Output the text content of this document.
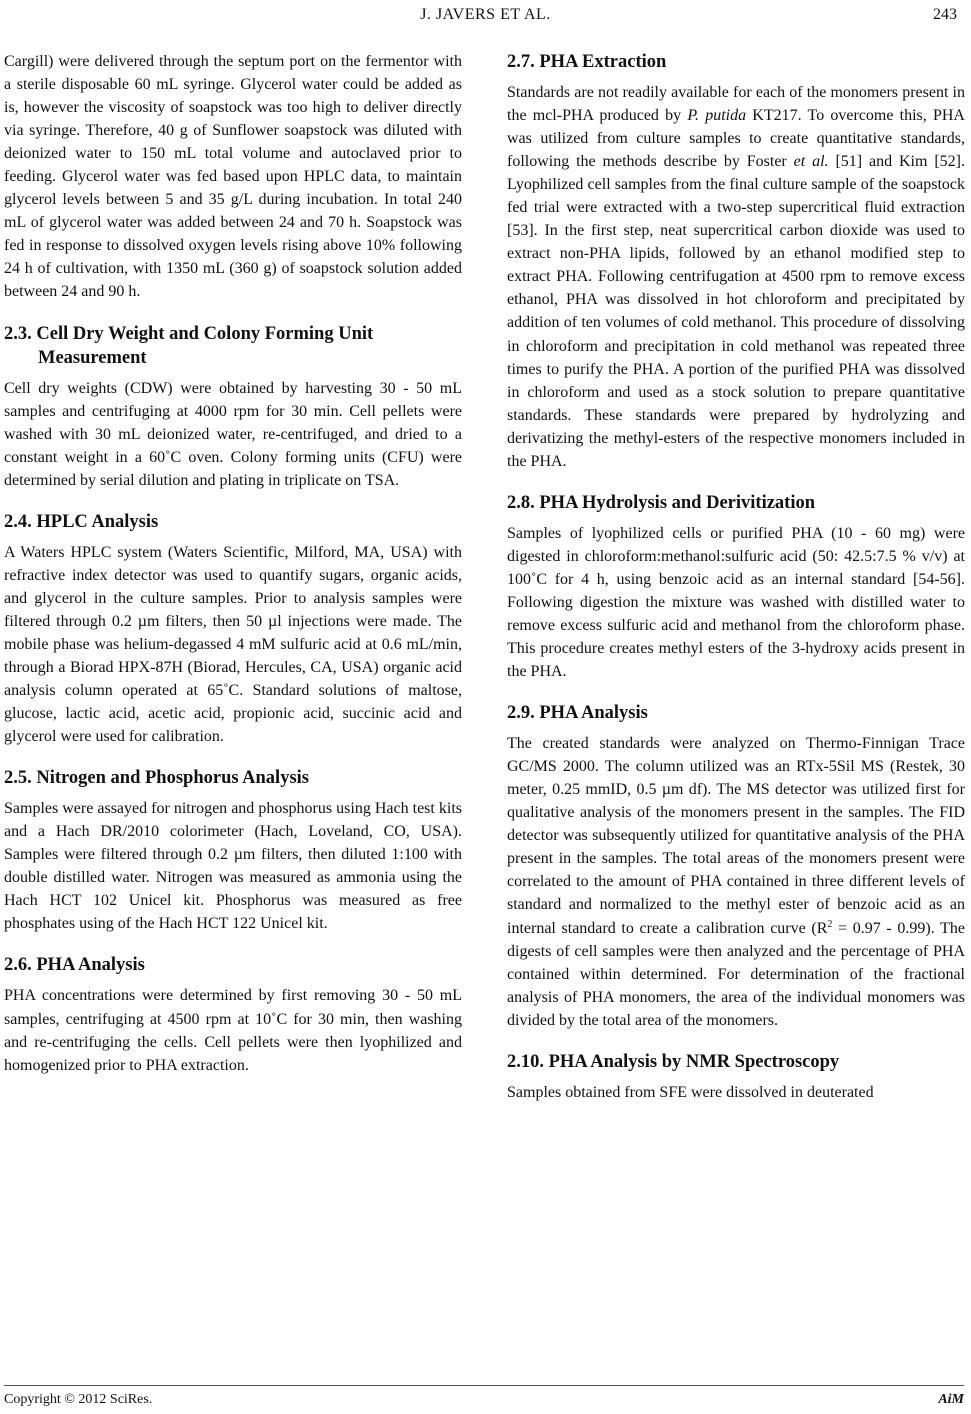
J. JAVERS ET AL.	243

Cargill) were delivered through the septum port on the fermentor with a sterile disposable 60 mL syringe. Glycerol water could be added as is, however the viscosity of soapstock was too high to deliver directly via syringe. Therefore, 40 g of Sunflower soapstock was diluted with deionized water to 150 mL total volume and autoclaved prior to feeding. Glycerol water was fed based upon HPLC data, to maintain glycerol levels between 5 and 35 g/L during incubation. In total 240 mL of glycerol water was added between 24 and 70 h. Soapstock was fed in response to dissolved oxygen levels rising above 10% following 24 h of cultivation, with 1350 mL (360 g) of soapstock solution added between 24 and 90 h.

2.3. Cell Dry Weight and Colony Forming Unit Measurement

Cell dry weights (CDW) were obtained by harvesting 30 - 50 mL samples and centrifuging at 4000 rpm for 30 min. Cell pellets were washed with 30 mL deionized water, re-centrifuged, and dried to a constant weight in a 60˚C oven. Colony forming units (CFU) were determined by serial dilution and plating in triplicate on TSA.

2.4. HPLC Analysis

A Waters HPLC system (Waters Scientific, Milford, MA, USA) with refractive index detector was used to quantify sugars, organic acids, and glycerol in the culture samples. Prior to analysis samples were filtered through 0.2 µm filters, then 50 µl injections were made. The mobile phase was helium-degassed 4 mM sulfuric acid at 0.6 mL/min, through a Biorad HPX-87H (Biorad, Hercules, CA, USA) organic acid analysis column operated at 65˚C. Standard solutions of maltose, glucose, lactic acid, acetic acid, propionic acid, succinic acid and glycerol were used for calibration.

2.5. Nitrogen and Phosphorus Analysis

Samples were assayed for nitrogen and phosphorus using Hach test kits and a Hach DR/2010 colorimeter (Hach, Loveland, CO, USA). Samples were filtered through 0.2 µm filters, then diluted 1:100 with double distilled water. Nitrogen was measured as ammonia using the Hach HCT 102 Unicel kit. Phosphorus was measured as free phosphates using of the Hach HCT 122 Unicel kit.

2.6. PHA Analysis

PHA concentrations were determined by first removing 30 - 50 mL samples, centrifuging at 4500 rpm at 10˚C for 30 min, then washing and re-centrifuging the cells. Cell pellets were then lyophilized and homogenized prior to PHA extraction.

2.7. PHA Extraction

Standards are not readily available for each of the monomers present in the mcl-PHA produced by P. putida KT217. To overcome this, PHA was utilized from culture samples to create quantitative standards, following the methods describe by Foster et al. [51] and Kim [52]. Lyophilized cell samples from the final culture sample of the soapstock fed trial were extracted with a two-step supercritical fluid extraction [53]. In the first step, neat supercritical carbon dioxide was used to extract non-PHA lipids, followed by an ethanol modified step to extract PHA. Following centrifugation at 4500 rpm to remove excess ethanol, PHA was dissolved in hot chloroform and precipitated by addition of ten volumes of cold methanol. This procedure of dissolving in chloroform and precipitation in cold methanol was repeated three times to purify the PHA. A portion of the purified PHA was dissolved in chloroform and used as a stock solution to prepare quantitative standards. These standards were prepared by hydrolyzing and derivatizing the methyl-esters of the respective monomers included in the PHA.

2.8. PHA Hydrolysis and Derivitization

Samples of lyophilized cells or purified PHA (10 - 60 mg) were digested in chloroform:methanol:sulfuric acid (50: 42.5:7.5 % v/v) at 100˚C for 4 h, using benzoic acid as an internal standard [54-56]. Following digestion the mixture was washed with distilled water to remove excess sulfuric acid and methanol from the chloroform phase. This procedure creates methyl esters of the 3-hydroxy acids present in the PHA.

2.9. PHA Analysis

The created standards were analyzed on Thermo-Finnigan Trace GC/MS 2000. The column utilized was an RTx-5Sil MS (Restek, 30 meter, 0.25 mmID, 0.5 µm df). The MS detector was utilized first for qualitative analysis of the monomers present in the samples. The FID detector was subsequently utilized for quantitative analysis of the PHA present in the samples. The total areas of the monomers present were correlated to the amount of PHA contained in three different levels of standard and normalized to the methyl ester of benzoic acid as an internal standard to create a calibration curve $(R^2 = 0.97 - 0.99)$. The digests of cell samples were then analyzed and the percentage of PHA contained within determined. For determination of the fractional analysis of PHA monomers, the area of the individual monomers was divided by the total area of the monomers.

2.10. PHA Analysis by NMR Spectroscopy

Samples obtained from SFE were dissolved in deuterated

Copyright © 2012 SciRes.	AiM
